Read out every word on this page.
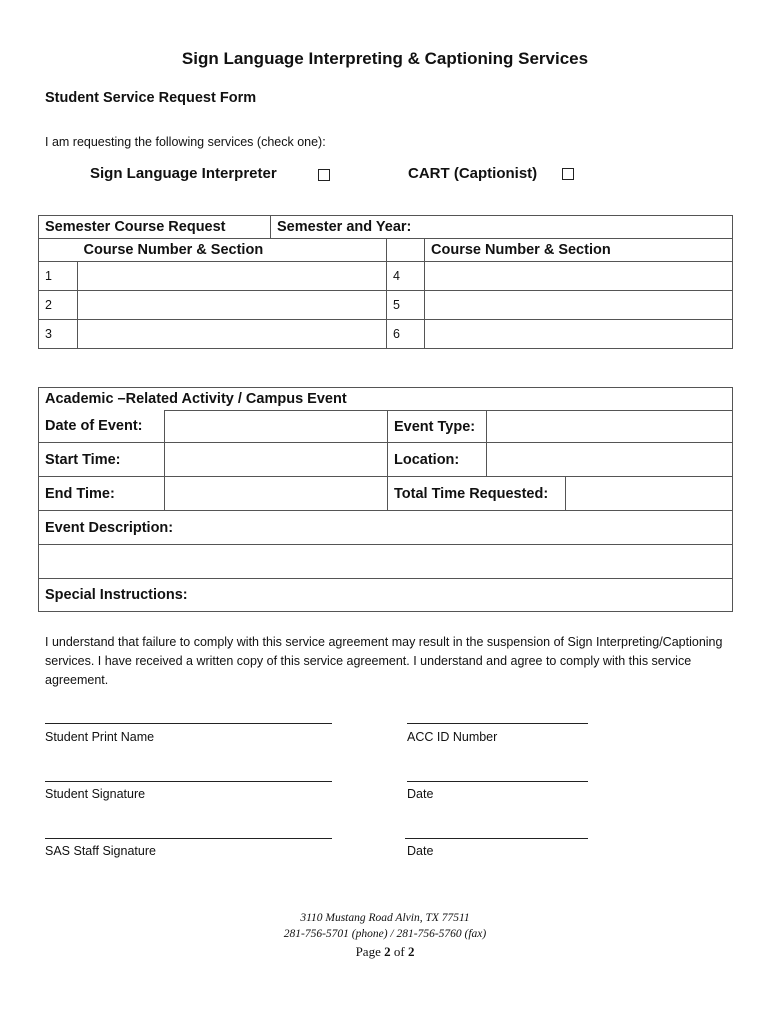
Sign Language Interpreting & Captioning Services
Student Service Request Form
I am requesting the following services (check one):
Sign Language Interpreter	CART (Captionist)
Semester Course Request		Semester and Year:		
	Course Number & Section			Course Number & Section
1			4	
2			5	
3			6	
Academic –Related Activity / Campus Event				
Date of Event:		Event Type:		
Start Time:		Location:		
End Time:		Total Time Requested:		
Event Description:				

Special Instructions:				
I understand that failure to comply with this service agreement may result in the suspension of Sign Interpreting/Captioning services. I have received a written copy of this service agreement. I understand and agree to comply with this service agreement.
Student Print Name	ACC ID Number
Student Signature	Date
SAS Staff Signature	Date
3110 Mustang Road Alvin, TX 77511
281-756-5701 (phone) / 281-756-5760 (fax)
Page 2 of 2
